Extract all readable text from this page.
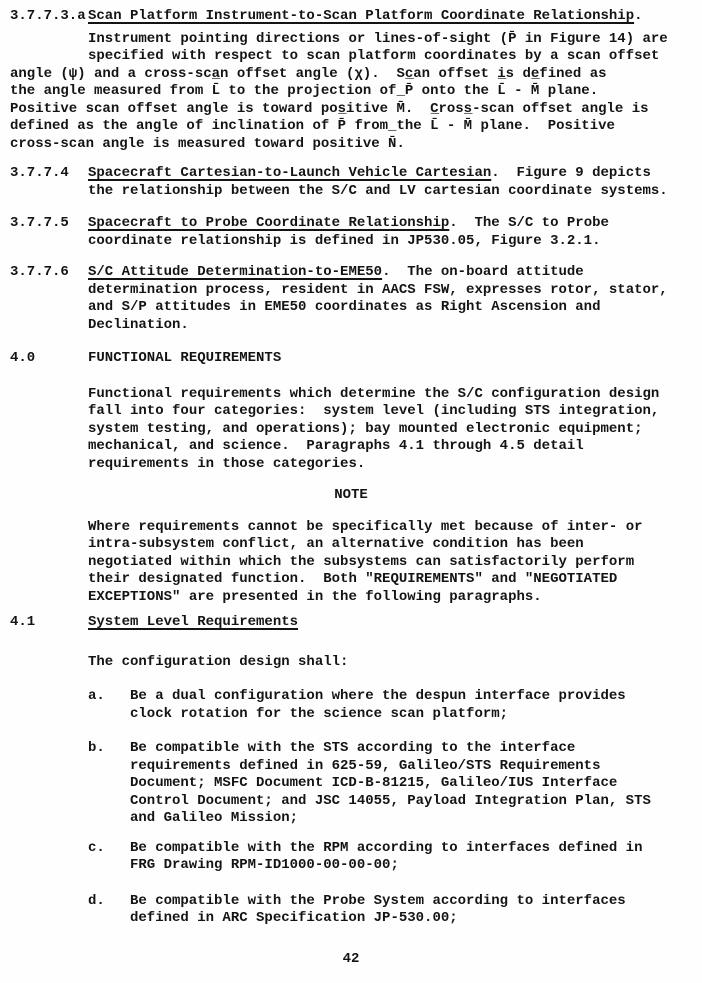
3.7.7.3.a Scan Platform Instrument-to-Scan Platform Coordinate Relationship.
Instrument pointing directions or lines-of-sight (P̄ in Figure 14) are
specified with respect to scan platform coordinates by a scan offset
angle (ψ) and a cross-sca̲n offset angle (χ).  Sc̲an offset i̲s de̲fined as
the angle measured from L̄ to the projection of_P̄ onto the L̄ - M̄ plane.
Positive scan offset angle is toward pos̲itive M̄.  C̲ross̲-scan offset angle is
defined as the angle of inclination of P̄ from_the L̄ - M̄ plane.  Positive
cross-scan angle is measured toward positive N̄.
3.7.7.4 Spacecraft Cartesian-to-Launch Vehicle Cartesian.  Figure 9 depicts
the relationship between the S/C and LV cartesian coordinate systems.
3.7.7.5 Spacecraft to Probe Coordinate Relationship.  The S/C to Probe
coordinate relationship is defined in JP530.05, Figure 3.2.1.
3.7.7.6 S/C Attitude Determination-to-EME50.  The on-board attitude
determination process, resident in AACS FSW, expresses rotor, stator,
and S/P attitudes in EME50 coordinates as Right Ascension and
Declination.
4.0	FUNCTIONAL REQUIREMENTS
Functional requirements which determine the S/C configuration design
fall into four categories:  system level (including STS integration,
system testing, and operations); bay mounted electronic equipment;
mechanical, and science.  Paragraphs 4.1 through 4.5 detail
requirements in those categories.
NOTE
Where requirements cannot be specifically met because of inter- or
intra-subsystem conflict, an alternative condition has been
negotiated within which the subsystems can satisfactorily perform
their designated function.  Both "REQUIREMENTS" and "NEGOTIATED
EXCEPTIONS" are presented in the following paragraphs.
4.1	System Level Requirements
The configuration design shall:
a. Be a dual configuration where the despun interface provides
clock rotation for the science scan platform;
b. Be compatible with the STS according to the interface
requirements defined in 625-59, Galileo/STS Requirements
Document; MSFC Document ICD-B-81215, Galileo/IUS Interface
Control Document; and JSC 14055, Payload Integration Plan, STS
and Galileo Mission;
c. Be compatible with the RPM according to interfaces defined in
FRG Drawing RPM-ID1000-00-00-00;
d. Be compatible with the Probe System according to interfaces
defined in ARC Specification JP-530.00;
42
